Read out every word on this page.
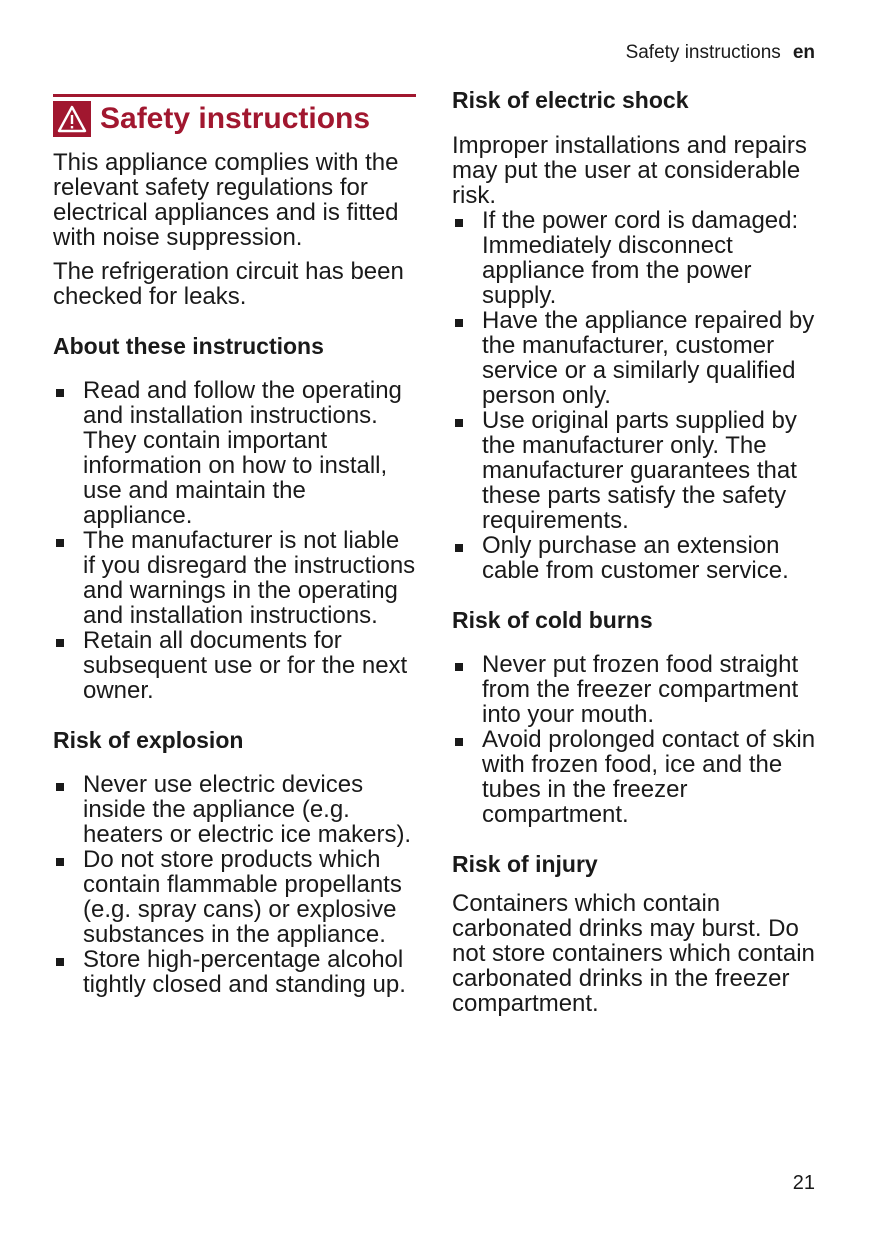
Safety instructions en
Safety instructions

This appliance complies with the relevant safety regulations for electrical appliances and is fitted with noise suppression.

The refrigeration circuit has been checked for leaks.

About these instructions
Read and follow the operating and installation instructions. They contain important information on how to install, use and maintain the appliance.
The manufacturer is not liable if you disregard the instructions and warnings in the operating and installation instructions.
Retain all documents for subsequent use or for the next owner.
Risk of explosion
Never use electric devices inside the appliance (e.g. heaters or electric ice makers).
Do not store products which contain flammable propellants (e.g. spray cans) or explosive substances in the appliance.
Store high-percentage alcohol tightly closed and standing up.
Risk of electric shock

Improper installations and repairs may put the user at considerable risk.

If the power cord is damaged: Immediately disconnect appliance from the power supply.
Have the appliance repaired by the manufacturer, customer service or a similarly qualified person only.
Use original parts supplied by the manufacturer only. The manufacturer guarantees that these parts satisfy the safety requirements.
Only purchase an extension cable from customer service.
Risk of cold burns
Never put frozen food straight from the freezer compartment into your mouth.
Avoid prolonged contact of skin with frozen food, ice and the tubes in the freezer compartment.
Risk of injury

Containers which contain carbonated drinks may burst. Do not store containers which contain carbonated drinks in the freezer compartment.

21
